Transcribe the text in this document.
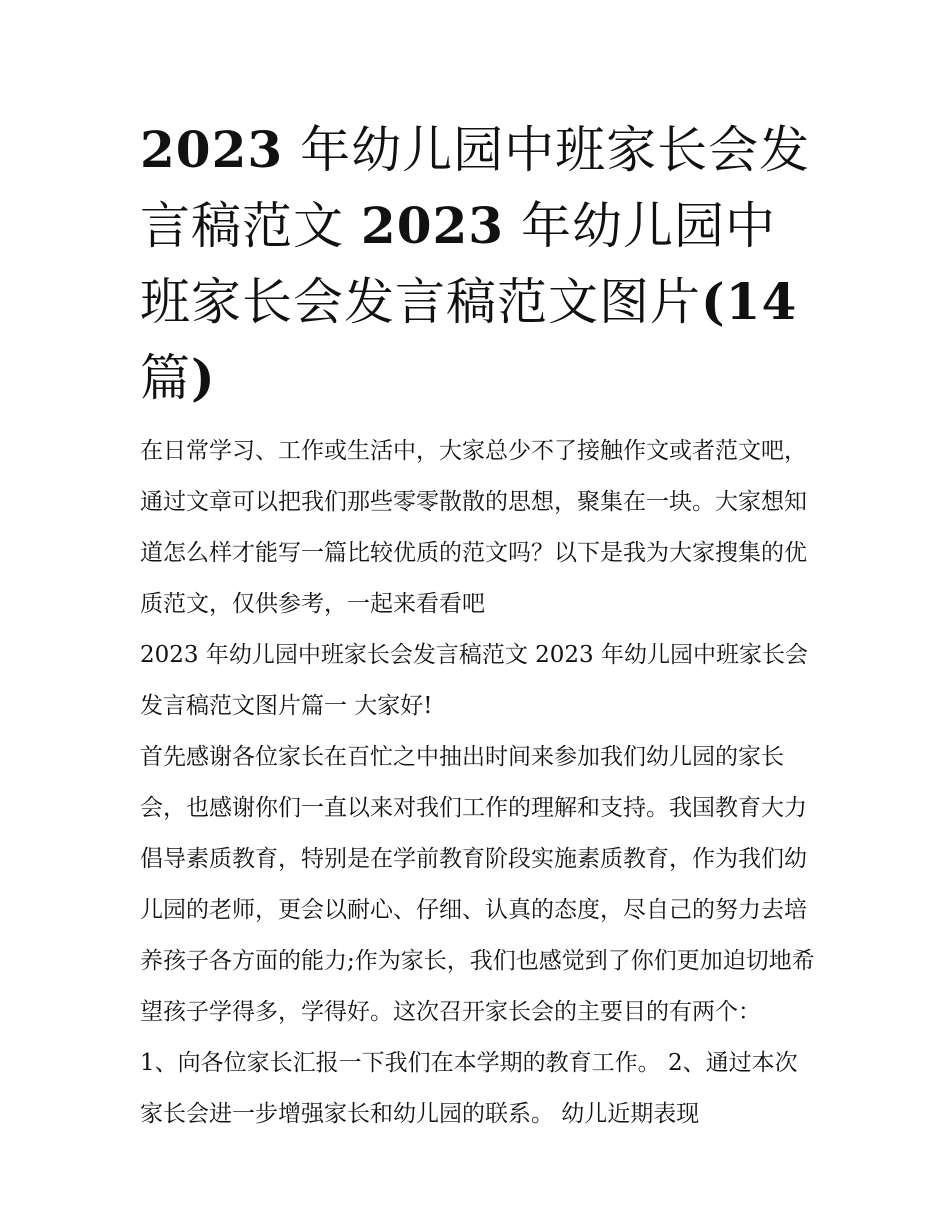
2023 年幼儿园中班家长会发言稿范文 2023 年幼儿园中班家长会发言稿范文图片(14 篇)

在日常学习、工作或生活中，大家总少不了接触作文或者范文吧，通过文章可以把我们那些零零散散的思想，聚集在一块。大家想知道怎么样才能写一篇比较优质的范文吗？以下是我为大家搜集的优质范文，仅供参考，一起来看看吧

2023 年幼儿园中班家长会发言稿范文 2023 年幼儿园中班家长会发言稿范文图片篇一 大家好!

首先感谢各位家长在百忙之中抽出时间来参加我们幼儿园的家长会，也感谢你们一直以来对我们工作的理解和支持。我国教育大力倡导素质教育，特别是在学前教育阶段实施素质教育，作为我们幼儿园的老师，更会以耐心、仔细、认真的态度，尽自己的努力去培养孩子各方面的能力;作为家长，我们也感觉到了你们更加迫切地希望孩子学得多，学得好。这次召开家长会的主要目的有两个：

1、向各位家长汇报一下我们在本学期的教育工作。 2、通过本次家长会进一步增强家长和幼儿园的联系。 幼儿近期表现
